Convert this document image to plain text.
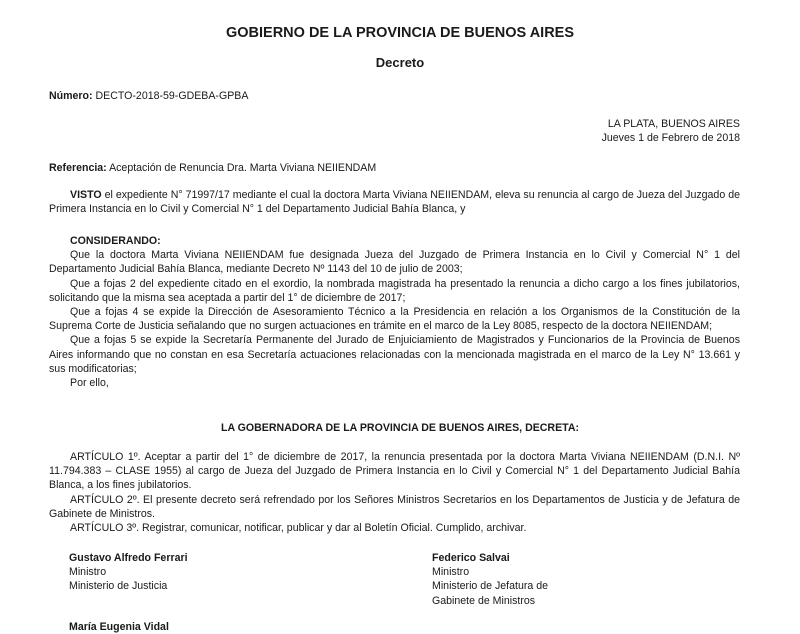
GOBIERNO DE LA PROVINCIA DE BUENOS AIRES
Decreto
Número: DECTO-2018-59-GDEBA-GPBA
LA PLATA, BUENOS AIRES
Jueves 1 de Febrero de 2018
Referencia: Aceptación de Renuncia Dra. Marta Viviana NEIIENDAM

VISTO el expediente N° 71997/17 mediante el cual la doctora Marta Viviana NEIIENDAM, eleva su renuncia al cargo de Jueza del Juzgado de Primera Instancia en lo Civil y Comercial N° 1 del Departamento Judicial Bahía Blanca, y

CONSIDERANDO:

Que la doctora Marta Viviana NEIIENDAM fue designada Jueza del Juzgado de Primera Instancia en lo Civil y Comercial N° 1 del Departamento Judicial Bahía Blanca, mediante Decreto Nº 1143 del 10 de julio de 2003;

Que a fojas 2 del expediente citado en el exordio, la nombrada magistrada ha presentado la renuncia a dicho cargo a los fines jubilatorios, solicitando que la misma sea aceptada a partir del 1° de diciembre de 2017;

Que a fojas 4 se expide la Dirección de Asesoramiento Técnico a la Presidencia en relación a los Organismos de la Constitución de la Suprema Corte de Justicia señalando que no surgen actuaciones en trámite en el marco de la Ley 8085, respecto de la doctora NEIIENDAM;

Que a fojas 5 se expide la Secretaría Permanente del Jurado de Enjuiciamiento de Magistrados y Funcionarios de la Provincia de Buenos Aires informando que no constan en esa Secretaría actuaciones relacionadas con la mencionada magistrada en el marco de la Ley N° 13.661 y sus modificatorias;

Por ello,

LA GOBERNADORA DE LA PROVINCIA DE BUENOS AIRES, DECRETA:

ARTÍCULO 1º. Aceptar a partir del 1° de diciembre de 2017, la renuncia presentada por la doctora Marta Viviana NEIIENDAM (D.N.I. Nº 11.794.383 – CLASE 1955) al cargo de Jueza del Juzgado de Primera Instancia en lo Civil y Comercial N° 1 del Departamento Judicial Bahía Blanca, a los fines jubilatorios.

ARTÍCULO 2º. El presente decreto será refrendado por los Señores Ministros Secretarios en los Departamentos de Justicia y de Jefatura de Gabinete de Ministros.

ARTÍCULO 3º. Registrar, comunicar, notificar, publicar y dar al Boletín Oficial. Cumplido, archivar.

Gustavo Alfredo Ferrari
Ministro
Ministerio de Justicia
Federico Salvai
Ministro
Ministerio de Jefatura de
Gabinete de Ministros
María Eugenia Vidal
